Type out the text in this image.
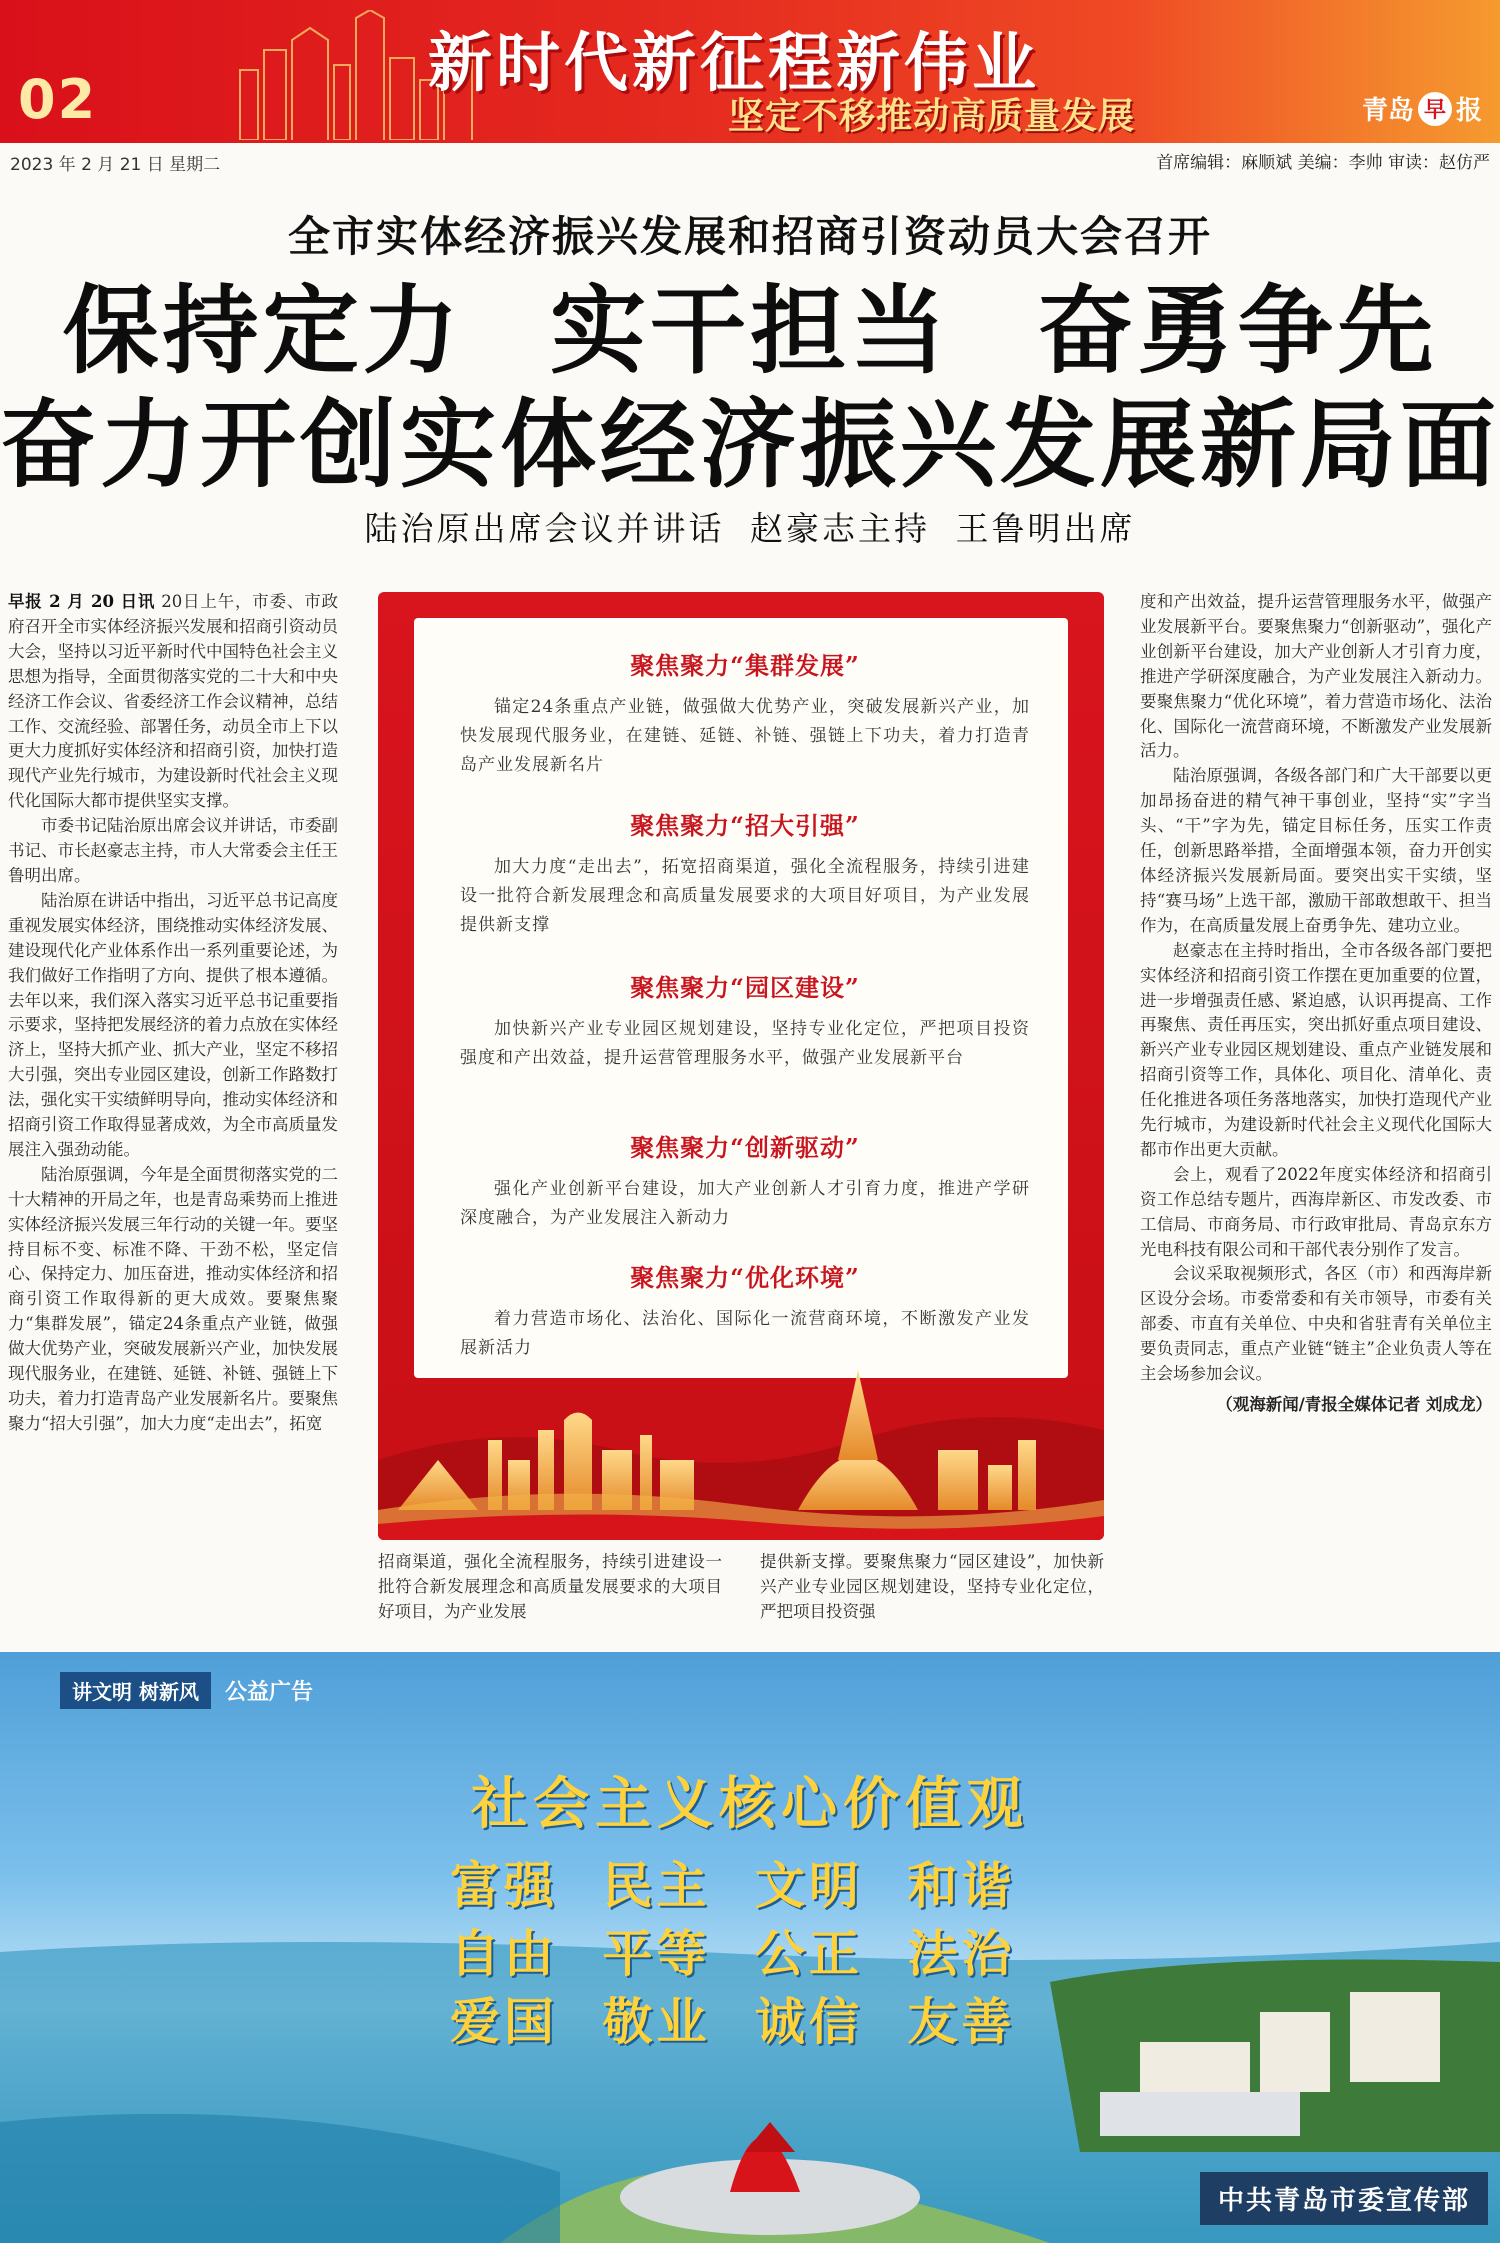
02	新时代新征程新伟业
坚定不移推动高质量发展	青岛 早 报
2023 年 2 月 21 日 星期二	首席编辑：麻顺斌 美编：李帅 审读：赵仿严
全市实体经济振兴发展和招商引资动员大会召开
保持定力 实干担当 奋勇争先
奋力开创实体经济振兴发展新局面
陆治原出席会议并讲话 赵豪志主持 王鲁明出席

早报 2 月 20 日讯 20日上午，市委、市政府召开全市实体经济振兴发展和招商引资动员大会，坚持以习近平新时代中国特色社会主义思想为指导，全面贯彻落实党的二十大和中央经济工作会议、省委经济工作会议精神，总结工作、交流经验、部署任务，动员全市上下以更大力度抓好实体经济和招商引资，加快打造现代产业先行城市，为建设新时代社会主义现代化国际大都市提供坚实支撑。

市委书记陆治原出席会议并讲话，市委副书记、市长赵豪志主持，市人大常委会主任王鲁明出席。

陆治原在讲话中指出，习近平总书记高度重视发展实体经济，围绕推动实体经济发展、建设现代化产业体系作出一系列重要论述，为我们做好工作指明了方向、提供了根本遵循。去年以来，我们深入落实习近平总书记重要指示要求，坚持把发展经济的着力点放在实体经济上，坚持大抓产业、抓大产业，坚定不移招大引强，突出专业园区建设，创新工作路数打法，强化实干实绩鲜明导向，推动实体经济和招商引资工作取得显著成效，为全市高质量发展注入强劲动能。

陆治原强调，今年是全面贯彻落实党的二十大精神的开局之年，也是青岛乘势而上推进实体经济振兴发展三年行动的关键一年。要坚持目标不变、标准不降、干劲不松，坚定信心、保持定力、加压奋进，推动实体经济和招商引资工作取得新的更大成效。要聚焦聚力“集群发展”，锚定24条重点产业链，做强做大优势产业，突破发展新兴产业，加快发展现代服务业，在建链、延链、补链、强链上下功夫，着力打造青岛产业发展新名片。要聚焦聚力“招大引强”，加大力度“走出去”，拓宽

聚焦聚力“集群发展”

锚定24条重点产业链，做强做大优势产业，突破发展新兴产业，加快发展现代服务业，在建链、延链、补链、强链上下功夫，着力打造青岛产业发展新名片

聚焦聚力“招大引强”

加大力度“走出去”，拓宽招商渠道，强化全流程服务，持续引进建设一批符合新发展理念和高质量发展要求的大项目好项目，为产业发展提供新支撑

聚焦聚力“园区建设”

加快新兴产业专业园区规划建设，坚持专业化定位，严把项目投资强度和产出效益，提升运营管理服务水平，做强产业发展新平台

聚焦聚力“创新驱动”

强化产业创新平台建设，加大产业创新人才引育力度，推进产学研深度融合，为产业发展注入新动力

聚焦聚力“优化环境”

着力营造市场化、法治化、国际化一流营商环境，不断激发产业发展新活力

招商渠道，强化全流程服务，持续引进建设一批符合新发展理念和高质量发展要求的大项目好项目，为产业发展

提供新支撑。要聚焦聚力“园区建设”，加快新兴产业专业园区规划建设，坚持专业化定位，严把项目投资强

度和产出效益，提升运营管理服务水平，做强产业发展新平台。要聚焦聚力“创新驱动”，强化产业创新平台建设，加大产业创新人才引育力度，推进产学研深度融合，为产业发展注入新动力。要聚焦聚力“优化环境”，着力营造市场化、法治化、国际化一流营商环境，不断激发产业发展新活力。

陆治原强调，各级各部门和广大干部要以更加昂扬奋进的精气神干事创业，坚持“实”字当头、“干”字为先，锚定目标任务，压实工作责任，创新思路举措，全面增强本领，奋力开创实体经济振兴发展新局面。要突出实干实绩，坚持“赛马场”上选干部，激励干部敢想敢干、担当作为，在高质量发展上奋勇争先、建功立业。

赵豪志在主持时指出，全市各级各部门要把实体经济和招商引资工作摆在更加重要的位置，进一步增强责任感、紧迫感，认识再提高、工作再聚焦、责任再压实，突出抓好重点项目建设、新兴产业专业园区规划建设、重点产业链发展和招商引资等工作，具体化、项目化、清单化、责任化推进各项任务落地落实，加快打造现代产业先行城市，为建设新时代社会主义现代化国际大都市作出更大贡献。

会上，观看了2022年度实体经济和招商引资工作总结专题片，西海岸新区、市发改委、市工信局、市商务局、市行政审批局、青岛京东方光电科技有限公司和干部代表分别作了发言。

会议采取视频形式，各区（市）和西海岸新区设分会场。市委常委和有关市领导，市委有关部委、市直有关单位、中央和省驻青有关单位主要负责同志，重点产业链“链主”企业负责人等在主会场参加会议。

（观海新闻/青报全媒体记者 刘成龙）
讲文明 树新风	公益广告
社会主义核心价值观
富强 民主 文明 和谐
自由 平等 公正 法治
爱国 敬业 诚信 友善
中共青岛市委宣传部
